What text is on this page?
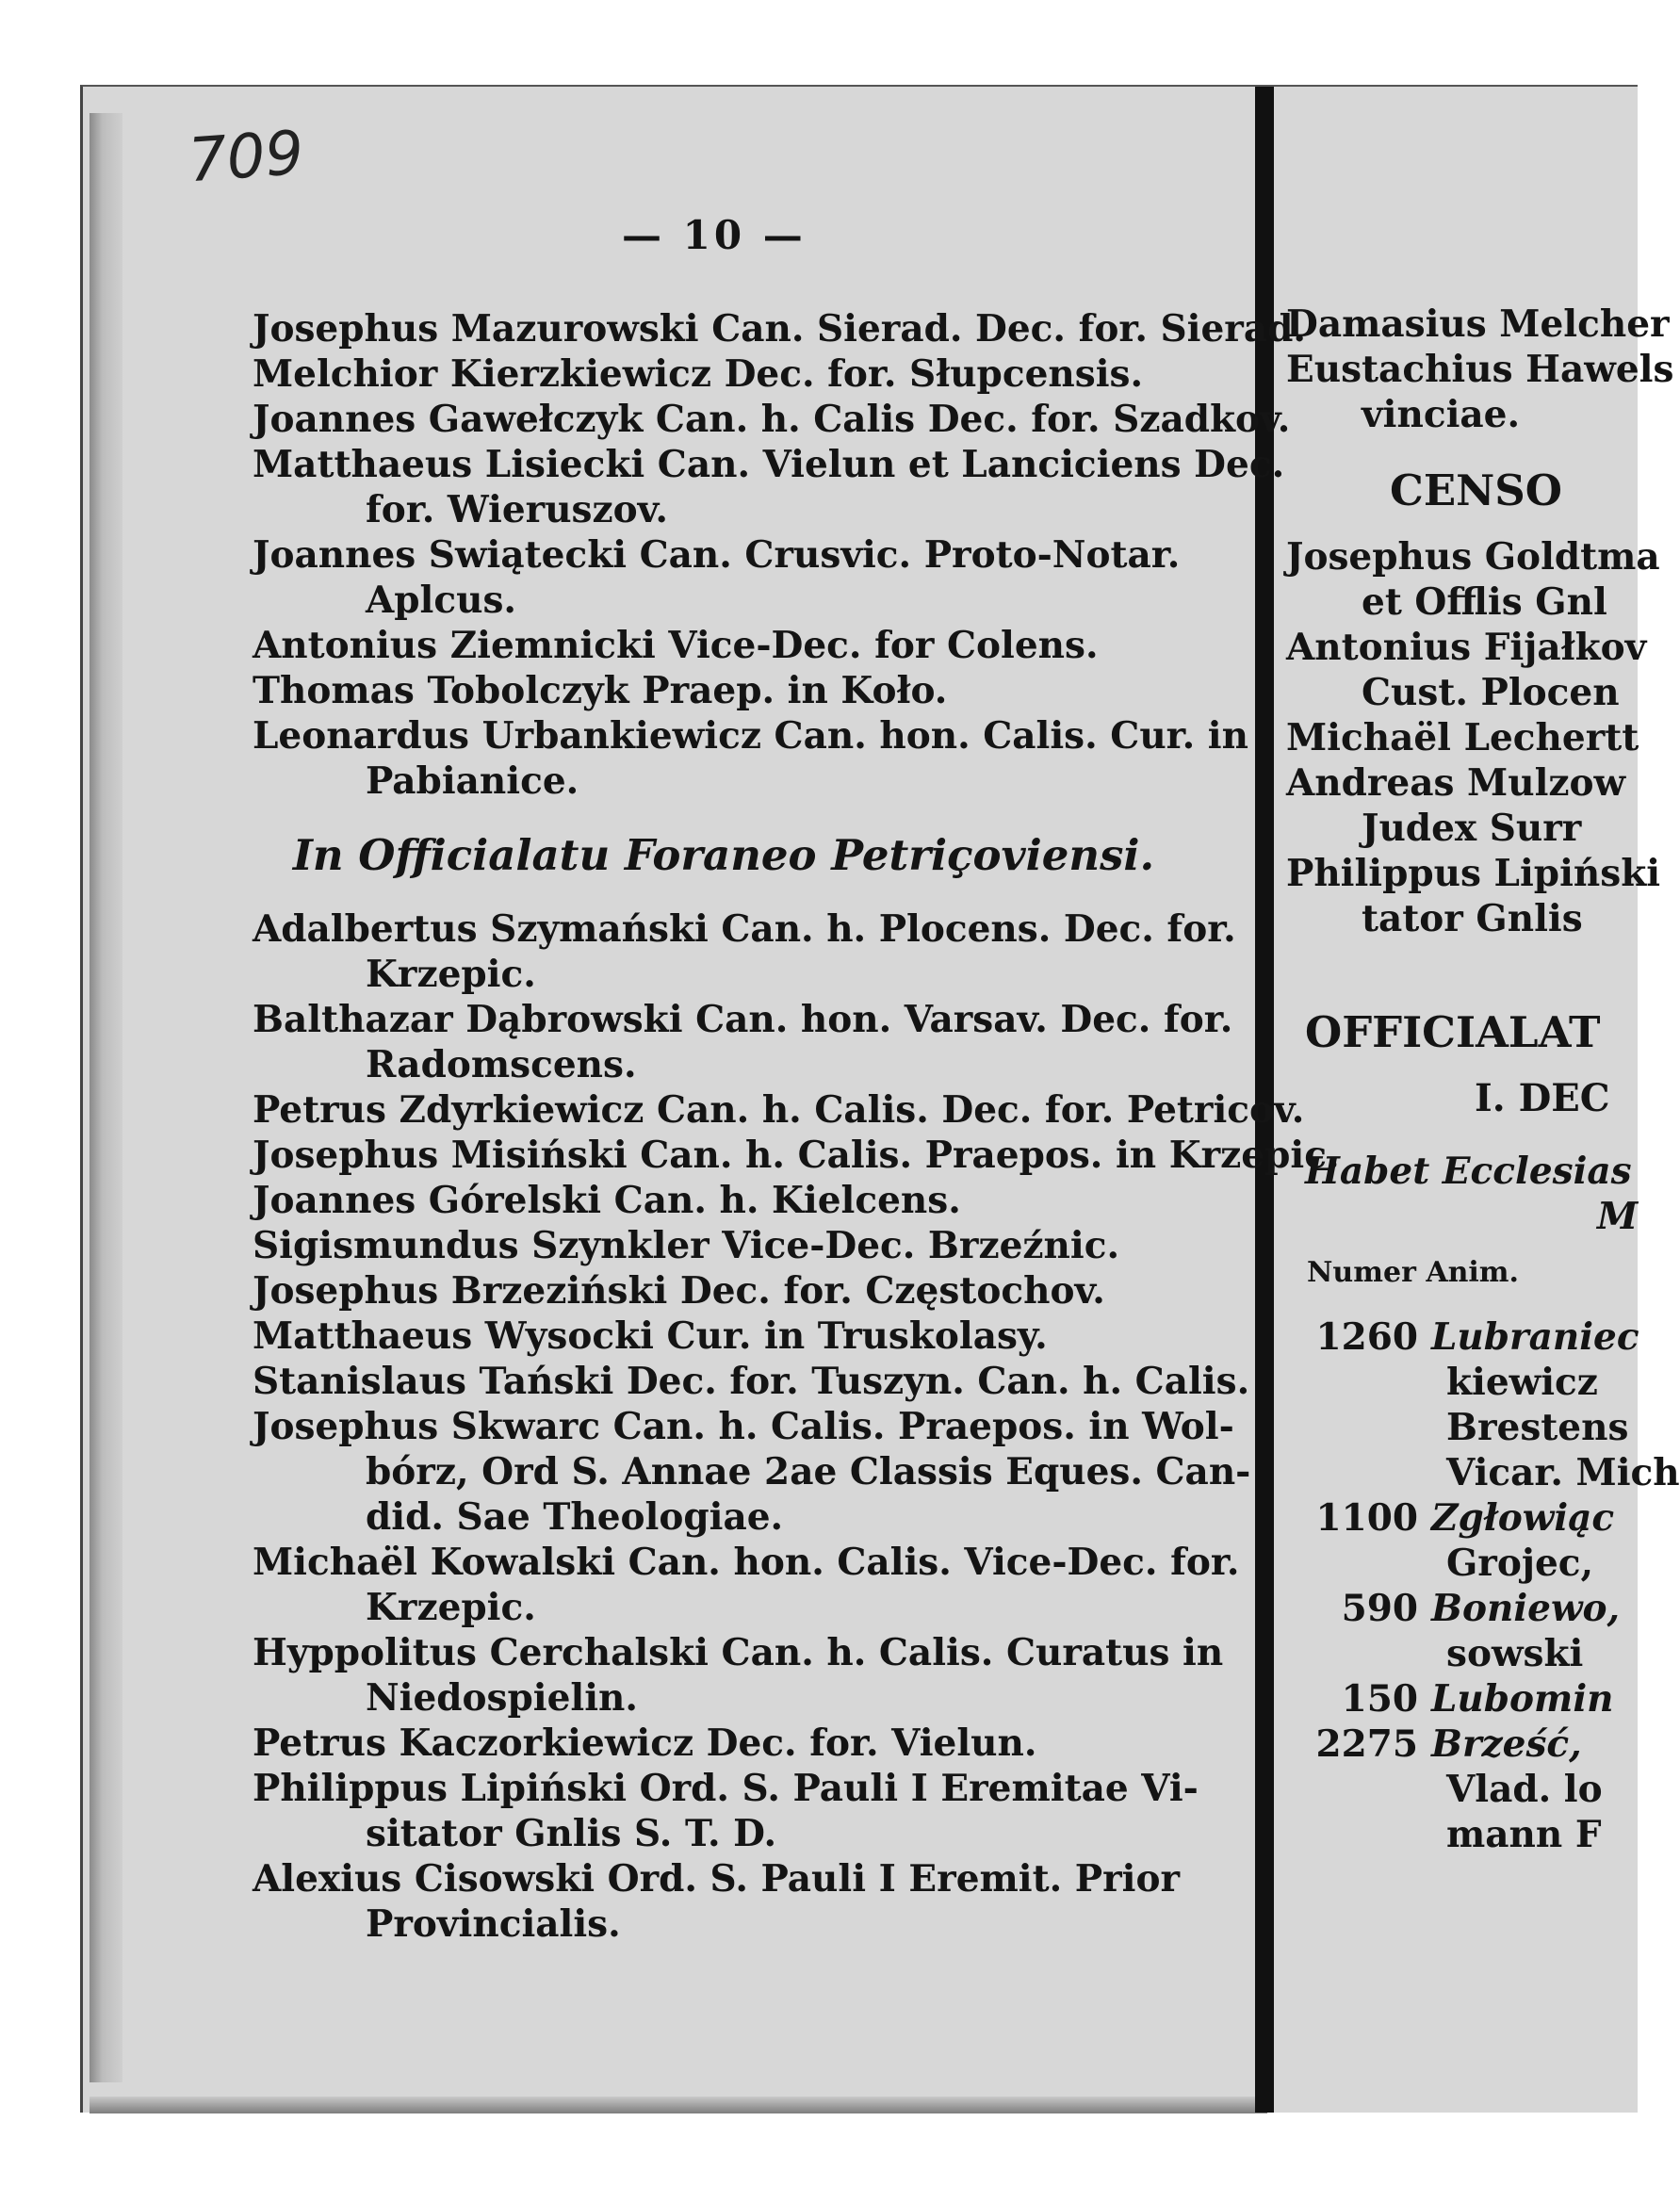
709
— 10 —

Josephus Mazurowski Can. Sierad. Dec. for. Sierad.

Melchior Kierzkiewicz Dec. for. Słupcensis.

Joannes Gawełczyk Can. h. Calis Dec. for. Szadkov.

Matthaeus Lisiecki Can. Vielun et Lanciciens Dec.
for. Wieruszov.

Joannes Swiątecki Can. Crusvic. Proto-Notar.
Aplcus.

Antonius Ziemnicki Vice-Dec. for Colens.

Thomas Tobolczyk Praep. in Koło.

Leonardus Urbankiewicz Can. hon. Calis. Cur. in
Pabianice.

In Officialatu Foraneo Petriçoviensi.

Adalbertus Szymański Can. h. Plocens. Dec. for.
Krzepic.

Balthazar Dąbrowski Can. hon. Varsav. Dec. for.
Radomscens.

Petrus Zdyrkiewicz Can. h. Calis. Dec. for. Petricov.

Josephus Misiński Can. h. Calis. Praepos. in Krzepic.

Joannes Górelski Can. h. Kielcens.

Sigismundus Szynkler Vice-Dec. Brzeźnic.

Josephus Brzeziński Dec. for. Częstochov.

Matthaeus Wysocki Cur. in Truskolasy.

Stanislaus Tański Dec. for. Tuszyn. Can. h. Calis.

Josephus Skwarc Can. h. Calis. Praepos. in Wol-
bórz, Ord S. Annae 2ae Classis Eques. Can-
did. Sae Theologiae.

Michaël Kowalski Can. hon. Calis. Vice-Dec. for.
Krzepic.

Hyppolitus Cerchalski Can. h. Calis. Curatus in
Niedospielin.

Petrus Kaczorkiewicz Dec. for. Vielun.

Philippus Lipiński Ord. S. Pauli I Eremitae Vi-
sitator Gnlis S. T. D.

Alexius Cisowski Ord. S. Pauli I Eremit. Prior
Provincialis.

Damasius Melcher
Eustachius Hawels
vinciae.
CENSO
Josephus Goldtma
et Offlis Gnl
Antonius Fijałkov
Cust. Plocen
Michaël Lechertt
Andreas Mulzow
Judex Surr
Philippus Lipiński
tator Gnlis
OFFICIALAT
I. DEC
Habet Ecclesias
M
Numer Anim.
1260 Lubraniec
kiewicz
Brestens
Vicar. Mich
1100 Zgłowiąc
Grojec,
590 Boniewo,
sowski
150 Lubomin
2275 Brześć,
Vlad. lo
mann F
